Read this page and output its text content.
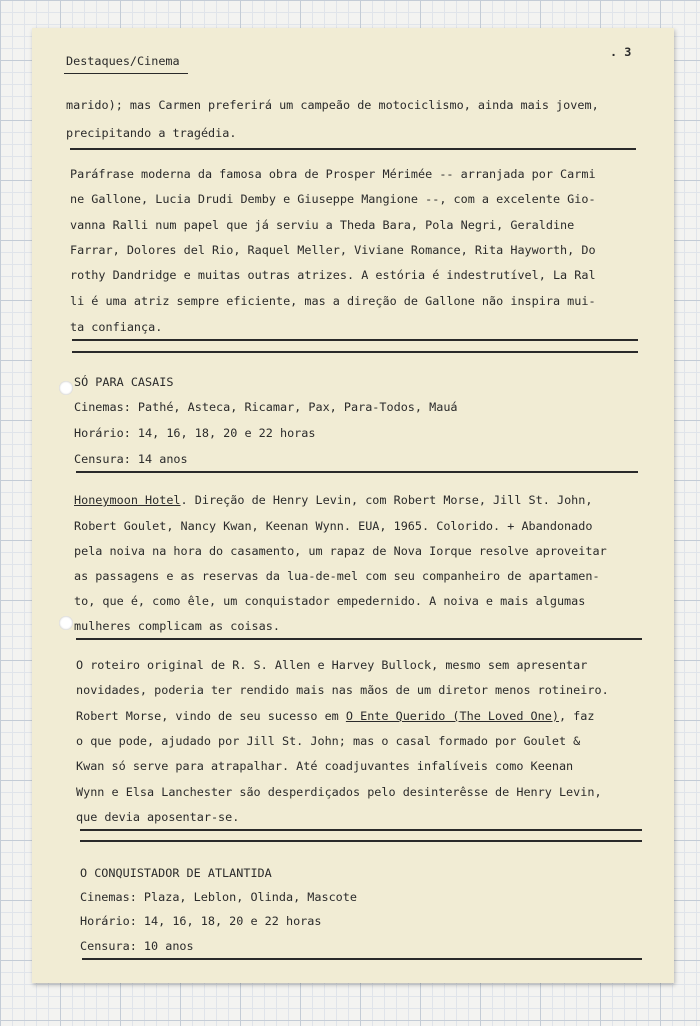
Destaques/Cinema
. 3
marido); mas Carmen preferirá um campeão de motociclismo, ainda mais jovem,
precipitando a tragédia.
Paráfrase moderna da famosa obra de Prosper Mérimée -- arranjada por Carmi
ne Gallone, Lucia Drudi Demby e Giuseppe Mangione --, com a excelente Gio-
vanna Ralli num papel que já serviu a Theda Bara, Pola Negri, Geraldine
Farrar, Dolores del Rio, Raquel Meller, Viviane Romance, Rita Hayworth, Do
rothy Dandridge e muitas outras atrizes. A estória é indestrutível, La Ral
li é uma atriz sempre eficiente, mas a direção de Gallone não inspira mui-
ta confiança.
SÓ PARA CASAIS
Cinemas: Pathé, Asteca, Ricamar, Pax, Para-Todos, Mauá
Horário: 14, 16, 18, 20 e 22 horas
Censura: 14 anos
Honeymoon Hotel. Direção de Henry Levin, com Robert Morse, Jill St. John,
Robert Goulet, Nancy Kwan, Keenan Wynn. EUA, 1965. Colorido. + Abandonado
pela noiva na hora do casamento, um rapaz de Nova Iorque resolve aproveitar
as passagens e as reservas da lua-de-mel com seu companheiro de apartamen-
to, que é, como êle, um conquistador empedernido. A noiva e mais algumas
mulheres complicam as coisas.
O roteiro original de R. S. Allen e Harvey Bullock, mesmo sem apresentar
novidades, poderia ter rendido mais nas mãos de um diretor menos rotineiro.
Robert Morse, vindo de seu sucesso em O Ente Querido (The Loved One), faz
o que pode, ajudado por Jill St. John; mas o casal formado por Goulet &
Kwan só serve para atrapalhar. Até coadjuvantes infalíveis como Keenan
Wynn e Elsa Lanchester são desperdiçados pelo desinterêsse de Henry Levin,
que devia aposentar-se.
O CONQUISTADOR DE ATLANTIDA
Cinemas: Plaza, Leblon, Olinda, Mascote
Horário: 14, 16, 18, 20 e 22 horas
Censura: 10 anos
